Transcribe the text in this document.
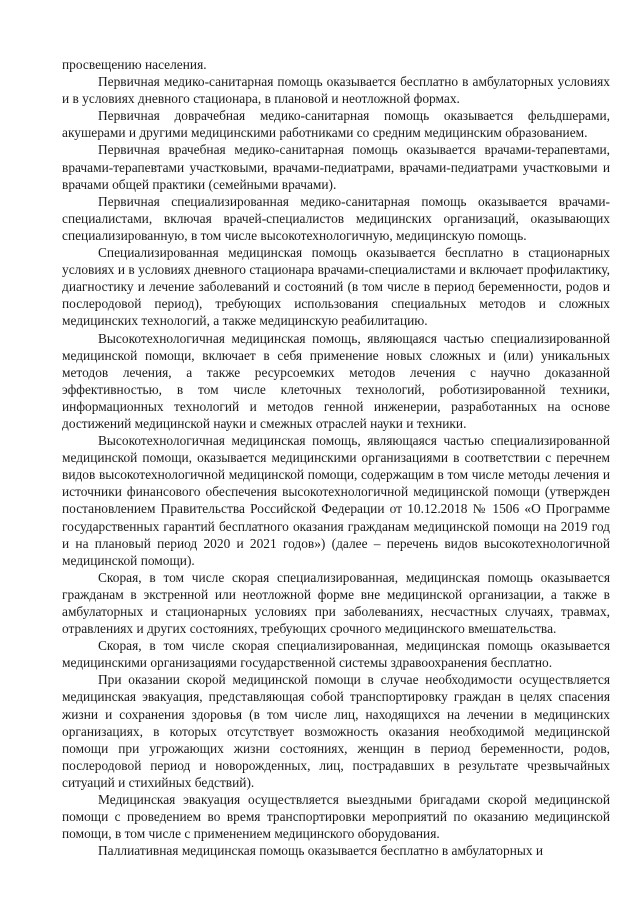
просвещению населения.

Первичная медико-санитарная помощь оказывается бесплатно в амбулаторных условиях и в условиях дневного стационара, в плановой и неотложной формах.

Первичная доврачебная медико-санитарная помощь оказывается фельдшерами, акушерами и другими медицинскими работниками со средним медицинским образованием.

Первичная врачебная медико-санитарная помощь оказывается врачами-терапевтами, врачами-терапевтами участковыми, врачами-педиатрами, врачами-педиатрами участковыми и врачами общей практики (семейными врачами).

Первичная специализированная медико-санитарная помощь оказывается врачами-специалистами, включая врачей-специалистов медицинских организаций, оказывающих специализированную, в том числе высокотехнологичную, медицинскую помощь.

Специализированная медицинская помощь оказывается бесплатно в стационарных условиях и в условиях дневного стационара врачами-специалистами и включает профилактику, диагностику и лечение заболеваний и состояний (в том числе в период беременности, родов и послеродовой период), требующих использования специальных методов и сложных медицинских технологий, а также медицинскую реабилитацию.

Высокотехнологичная медицинская помощь, являющаяся частью специализированной медицинской помощи, включает в себя применение новых сложных и (или) уникальных методов лечения, а также ресурсоемких методов лечения с научно доказанной эффективностью, в том числе клеточных технологий, роботизированной техники, информационных технологий и методов генной инженерии, разработанных на основе достижений медицинской науки и смежных отраслей науки и техники.

Высокотехнологичная медицинская помощь, являющаяся частью специализированной медицинской помощи, оказывается медицинскими организациями в соответствии с перечнем видов высокотехнологичной медицинской помощи, содержащим в том числе методы лечения и источники финансового обеспечения высокотехнологичной медицинской помощи (утвержден постановлением Правительства Российской Федерации от 10.12.2018 № 1506 «О Программе государственных гарантий бесплатного оказания гражданам медицинской помощи на 2019 год и на плановый период 2020 и 2021 годов») (далее – перечень видов высокотехнологичной медицинской помощи).

Скорая, в том числе скорая специализированная, медицинская помощь оказывается гражданам в экстренной или неотложной форме вне медицинской организации, а также в амбулаторных и стационарных условиях при заболеваниях, несчастных случаях, травмах, отравлениях и других состояниях, требующих срочного медицинского вмешательства.

Скорая, в том числе скорая специализированная, медицинская помощь оказывается медицинскими организациями государственной системы здравоохранения бесплатно.

При оказании скорой медицинской помощи в случае необходимости осуществляется медицинская эвакуация, представляющая собой транспортировку граждан в целях спасения жизни и сохранения здоровья (в том числе лиц, находящихся на лечении в медицинских организациях, в которых отсутствует возможность оказания необходимой медицинской помощи при угрожающих жизни состояниях, женщин в период беременности, родов, послеродовой период и новорожденных, лиц, пострадавших в результате чрезвычайных ситуаций и стихийных бедствий).

Медицинская эвакуация осуществляется выездными бригадами скорой медицинской помощи с проведением во время транспортировки мероприятий по оказанию медицинской помощи, в том числе с применением медицинского оборудования.

Паллиативная медицинская помощь оказывается бесплатно в амбулаторных и
